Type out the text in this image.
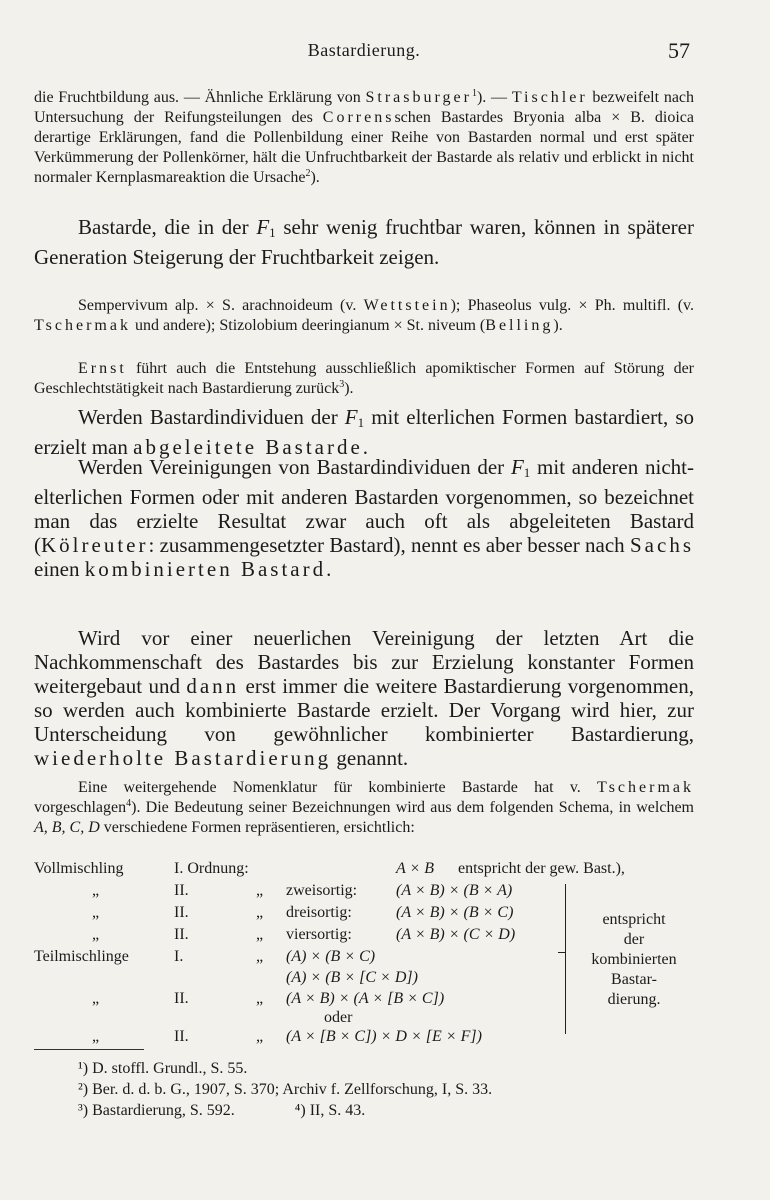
Bastardierung.	57

die Fruchtbildung aus. — Ähnliche Erklärung von Strasburger$^1$). — Tischler bezweifelt nach Untersuchung der Reifungsteilungen des Corrensschen Bastardes Bryonia alba × B. dioica derartige Erklärungen, fand die Pollenbildung einer Reihe von Bastarden normal und erst später Verkümmerung der Pollenkörner, hält die Unfruchtbarkeit der Bastarde als relativ und erblickt in nicht normaler Kernplasmareaktion die Ursache$^2$).

Bastarde, die in der $F_1$ sehr wenig fruchtbar waren, können in späterer Generation Steigerung der Fruchtbarkeit zeigen.

Sempervivum alp. × S. arachnoideum (v. Wettstein); Phaseolus vulg. × Ph. multifl. (v. Tschermak und andere); Stizolobium deeringianum × St. niveum (Belling).

Ernst führt auch die Entstehung ausschließlich apomiktischer Formen auf Störung der Geschlechtstätigkeit nach Bastardierung zurück$^3$).

Werden Bastardindividuen der $F_1$ mit elterlichen Formen bastardiert, so erzielt man abgeleitete Bastarde.

Werden Vereinigungen von Bastardindividuen der $F_1$ mit anderen nicht-elterlichen Formen oder mit anderen Bastarden vorgenommen, so bezeichnet man das erzielte Resultat zwar auch oft als abgeleiteten Bastard (Kölreuter: zusammengesetzter Bastard), nennt es aber besser nach Sachs einen kombinierten Bastard.

Wird vor einer neuerlichen Vereinigung der letzten Art die Nachkommenschaft des Bastardes bis zur Erzielung konstanter Formen weitergebaut und dann erst immer die weitere Bastardierung vorgenommen, so werden auch kombinierte Bastarde erzielt. Der Vorgang wird hier, zur Unterscheidung von gewöhnlicher kombinierter Bastardierung, wiederholte Bastardierung genannt.

Eine weitergehende Nomenklatur für kombinierte Bastarde hat v. Tschermak vorgeschlagen$^4$). Die Bedeutung seiner Bezeichnungen wird aus dem folgenden Schema, in welchem A, B, C, D verschiedene Formen repräsentieren, ersichtlich:

Vollmischling	I. Ordnung:	A × B entspricht der gew. Bast.),
„	II.	„ zweisortig: (A × B) × (B × A)
„	II.	„ dreisortig:	(A × B) × (B × C)
„	II.	„ viersortig:	(A × B) × (C × D)
Teilmischlinge	I.	„ (A) × (B × C)
(A) × (B × [C × D])
„	II.	„ (A × B) × (A × [B × C])
oder
„	II.	„ (A × [B × C]) × D × [E × F])
entspricht
der
kombinierten
Bastar-
dierung.
¹) D. stoffl. Grundl., S. 55.
²) Ber. d. d. b. G., 1907, S. 370; Archiv f. Zellforschung, I, S. 33.
³) Bastardierung, S. 592.	⁴) II, S. 43.
